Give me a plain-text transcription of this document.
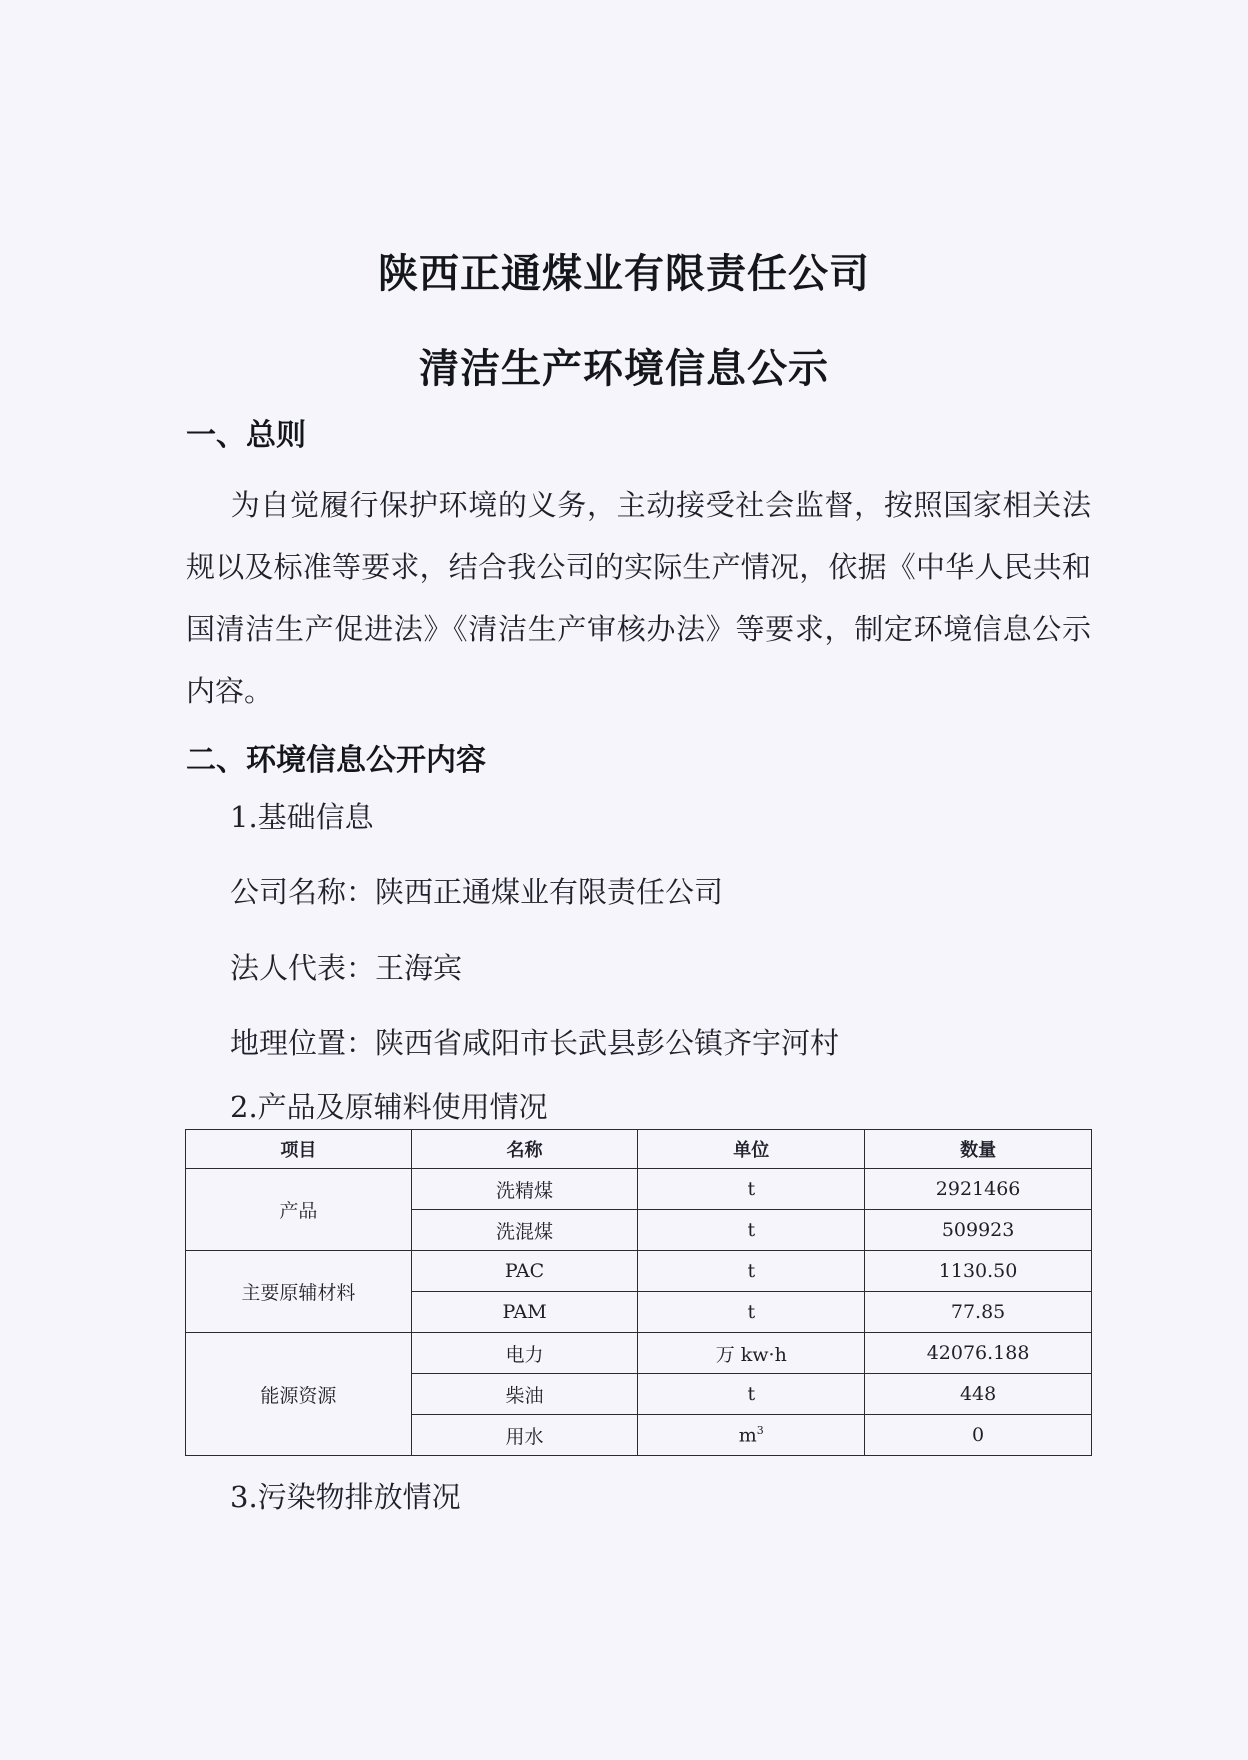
陕西正通煤业有限责任公司
清洁生产环境信息公示
一、总则
为自觉履行保护环境的义务，主动接受社会监督，按照国家相关法规以及标准等要求，结合我公司的实际生产情况，依据《中华人民共和国清洁生产促进法》《清洁生产审核办法》等要求，制定环境信息公示内容。
二、环境信息公开内容
1.基础信息
公司名称：陕西正通煤业有限责任公司
法人代表：王海宾
地理位置：陕西省咸阳市长武县彭公镇齐宇河村
2.产品及原辅料使用情况
项目	名称	单位	数量
产品	洗精煤	t	2921466
	洗混煤	t	509923
主要原辅材料	PAC	t	1130.50
	PAM	t	77.85
能源资源	电力	万 kw·h	42076.188
	柴油	t	448
	用水	$m^3$	0
3.污染物排放情况
